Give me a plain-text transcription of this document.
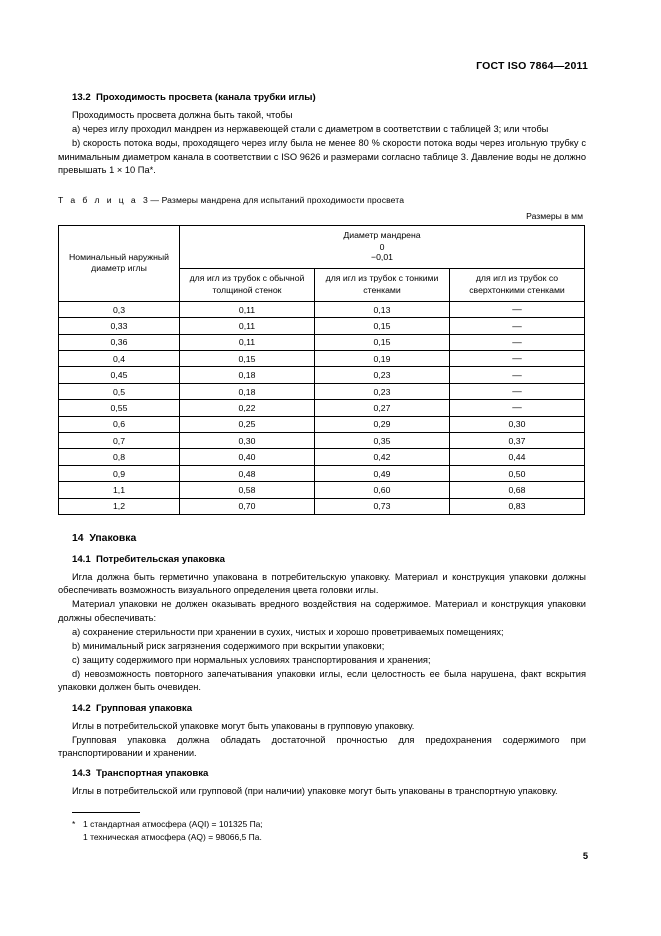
ГОСТ ISO 7864—2011
13.2 Проходимость просвета (канала трубки иглы)

Проходимость просвета должна быть такой, чтобы

a) через иглу проходил мандрен из нержавеющей стали с диаметром в соответствии с таблицей 3; или чтобы

b) скорость потока воды, проходящего через иглу была не менее 80 % скорости потока воды через игольную трубку с минимальным диаметром канала в соответствии с ISO 9626 и размерами согласно таблице 3. Давление воды не должно превышать 1 × 10 Па*.

Т а б л и ц а 3 — Размеры мандрена для испытаний проходимости просвета

Размеры в мм

Номинальный наружный диаметр иглы	Диаметр мандрена
0
−0,01		
	для игл из трубок с обычной толщиной стенок	для игл из трубок с тонкими стенками	для игл из трубок со сверхтонкими стенками
0,3	0,11	0,13	—
0,33	0,11	0,15	—
0,36	0,11	0,15	—
0,4	0,15	0,19	—
0,45	0,18	0,23	—
0,5	0,18	0,23	—
0,55	0,22	0,27	—
0,6	0,25	0,29	0,30
0,7	0,30	0,35	0,37
0,8	0,40	0,42	0,44
0,9	0,48	0,49	0,50
1,1	0,58	0,60	0,68
1,2	0,70	0,73	0,83
14 Упаковка
14.1 Потребительская упаковка

Игла должна быть герметично упакована в потребительскую упаковку. Материал и конструкция упаковки должны обеспечивать возможность визуального определения цвета головки иглы.

Материал упаковки не должен оказывать вредного воздействия на содержимое. Материал и конструкция упаковки должны обеспечивать:

a) сохранение стерильности при хранении в сухих, чистых и хорошо проветриваемых помещениях;

b) минимальный риск загрязнения содержимого при вскрытии упаковки;

c) защиту содержимого при нормальных условиях транспортирования и хранения;

d) невозможность повторного запечатывания упаковки иглы, если целостность ее была нарушена, факт вскрытия упаковки должен быть очевиден.

14.2 Групповая упаковка

Иглы в потребительской упаковке могут быть упакованы в групповую упаковку.

Групповая упаковка должна обладать достаточной прочностью для предохранения содержимого при транспортировании и хранении.

14.3 Транспортная упаковка

Иглы в потребительской или групповой (при наличии) упаковке могут быть упакованы в транспортную упаковку.

* 1 стандартная атмосфера (AQI) = 101325 Па;

1 техническая атмосфера (AQ) = 98066,5 Па.

5
